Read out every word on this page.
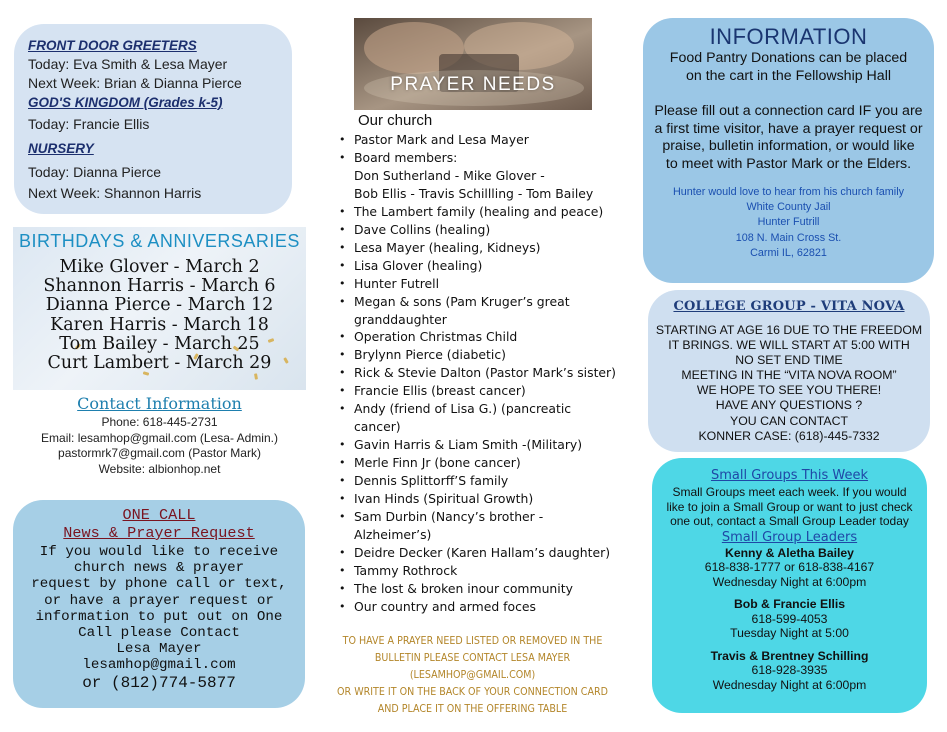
FRONT DOOR GREETERS
Today: Eva Smith & Lesa Mayer
Next Week: Brian & Dianna Pierce
GOD'S KINGDOM (Grades k-5)
Today: Francie Ellis
NURSERY
Today: Dianna Pierce
Next Week: Shannon Harris
BIRTHDAYS & ANNIVERSARIES
Mike Glover - March 2
Shannon Harris - March 6
Dianna Pierce - March 12
Karen Harris - March 18
Tom Bailey - March 25
Curt Lambert - March 29
Contact Information
Phone: 618-445-2731
Email: lesamhop@gmail.com (Lesa- Admin.)
pastormrk7@gmail.com (Pastor Mark)
Website: albionhop.net
ONE CALL
News & Prayer Request
If you would like to receive
church news & prayer
request by phone call or text,
or have a prayer request or
information to put out on One
Call please Contact
Lesa Mayer
lesamhop@gmail.com
or (812)774-5877
PRAYER NEEDS
Our church
• Pastor Mark and Lesa Mayer
• Board members:
Don Sutherland - Mike Glover -
Bob Ellis - Travis Schillling - Tom Bailey
• The Lambert family (healing and peace)
• Dave Collins (healing)
• Lesa Mayer (healing, Kidneys)
• Lisa Glover (healing)
• Hunter Futrell
• Megan & sons (Pam Kruger’s great
granddaughter
• Operation Christmas Child
• Brylynn Pierce (diabetic)
• Rick & Stevie Dalton (Pastor Mark’s sister)
• Francie Ellis (breast cancer)
• Andy (friend of Lisa G.) (pancreatic
cancer)
• Gavin Harris & Liam Smith -(Military)
• Merle Finn Jr (bone cancer)
• Dennis Splittorff’S family
• Ivan Hinds (Spiritual Growth)
• Sam Durbin (Nancy’s brother -
Alzheimer’s)
• Deidre Decker (Karen Hallam’s daughter)
• Tammy Rothrock
• The lost & broken inour community
• Our country and armed foces
TO HAVE A PRAYER NEED LISTED OR REMOVED IN THE
BULLETIN PLEASE CONTACT LESA MAYER
(LESAMHOP@GMAIL.COM)
OR WRITE IT ON THE BACK OF YOUR CONNECTION CARD
AND PLACE IT ON THE OFFERING TABLE
INFORMATION
Food Pantry Donations can be placed
on the cart in the Fellowship Hall
Please fill out a connection card IF you are
a first time visitor, have a prayer request or
praise, bulletin information, or would like
to meet with Pastor Mark or the Elders.
Hunter would love to hear from his church family
White County Jail
Hunter Futrill
108 N. Main Cross St.
Carmi IL, 62821
COLLEGE GROUP - VITA NOVA
STARTING AT AGE 16 DUE TO THE FREEDOM
IT BRINGS. WE WILL START AT 5:00 WITH
NO SET END TIME
MEETING IN THE “VITA NOVA ROOM”
WE HOPE TO SEE YOU THERE!
HAVE ANY QUESTIONS ?
YOU CAN CONTACT
KONNER CASE: (618)-445-7332
Small Groups This Week
Small Groups meet each week. If you would
like to join a Small Group or want to just check
one out, contact a Small Group Leader today
Small Group Leaders
Kenny & Aletha Bailey
618-838-1777 or 618-838-4167
Wednesday Night at 6:00pm
Bob & Francie Ellis
618-599-4053
Tuesday Night at 5:00
Travis & Brentney Schilling
618-928-3935
Wednesday Night at 6:00pm
